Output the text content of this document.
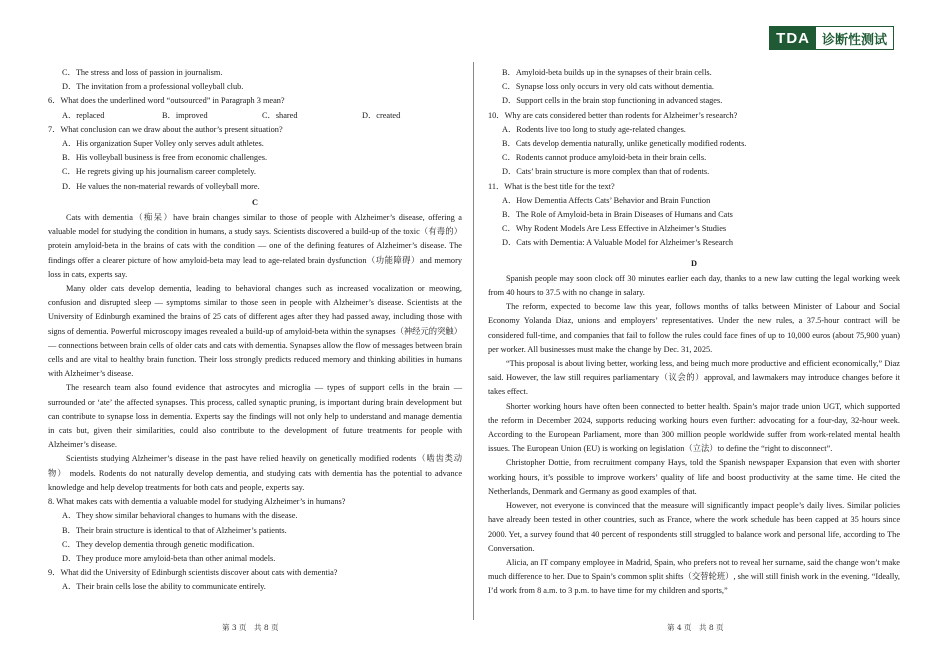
TDA 诊断性测试
C．The stress and loss of passion in journalism.
D．The invitation from a professional volleyball club.
6．What does the underlined word “outsourced” in Paragraph 3 mean?
A．replaced	B．improved	C．shared	D．created
7．What conclusion can we draw about the author’s present situation?
A．His organization Super Volley only serves adult athletes.
B．His volleyball business is free from economic challenges.
C．He regrets giving up his journalism career completely.
D．He values the non-material rewards of volleyball more.
C

Cats with dementia（痴呆）have brain changes similar to those of people with Alzheimer’s disease, offering a valuable model for studying the condition in humans, a study says. Scientists discovered a build-up of the toxic（有毒的）protein amyloid-beta in the brains of cats with the condition — one of the defining features of Alzheimer’s disease. The findings offer a clearer picture of how amyloid-beta may lead to age-related brain dysfunction（功能障碍）and memory loss in cats, experts say.

Many older cats develop dementia, leading to behavioral changes such as increased vocalization or meowing, confusion and disrupted sleep — symptoms similar to those seen in people with Alzheimer’s disease. Scientists at the University of Edinburgh examined the brains of 25 cats of different ages after they had passed away, including those with signs of dementia. Powerful microscopy images revealed a build-up of amyloid-beta within the synapses（神经元的突触）— connections between brain cells of older cats and cats with dementia. Synapses allow the flow of messages between brain cells and are vital to healthy brain function. Their loss strongly predicts reduced memory and thinking abilities in humans with Alzheimer’s disease.

The research team also found evidence that astrocytes and microglia — types of support cells in the brain — surrounded or ‘ate’ the affected synapses. This process, called synaptic pruning, is important during brain development but can contribute to synapse loss in dementia. Experts say the findings will not only help to understand and manage dementia in cats but, given their similarities, could also contribute to the development of future treatments for people with Alzheimer’s disease.

Scientists studying Alzheimer’s disease in the past have relied heavily on genetically modified rodents（啮齿类动物） models. Rodents do not naturally develop dementia, and studying cats with dementia has the potential to advance knowledge and help develop treatments for both cats and people, experts say.

8. What makes cats with dementia a valuable model for studying Alzheimer’s in humans?
A．They show similar behavioral changes to humans with the disease.
B．Their brain structure is identical to that of Alzheimer’s patients.
C．They develop dementia through genetic modification.
D．They produce more amyloid-beta than other animal models.
9．What did the University of Edinburgh scientists discover about cats with dementia?
A．Their brain cells lose the ability to communicate entirely.
B．Amyloid-beta builds up in the synapses of their brain cells.
C．Synapse loss only occurs in very old cats without dementia.
D．Support cells in the brain stop functioning in advanced stages.
10．Why are cats considered better than rodents for Alzheimer’s research?
A．Rodents live too long to study age-related changes.
B．Cats develop dementia naturally, unlike genetically modified rodents.
C．Rodents cannot produce amyloid-beta in their brain cells.
D．Cats’ brain structure is more complex than that of rodents.
11．What is the best title for the text?
A．How Dementia Affects Cats’ Behavior and Brain Function
B．The Role of Amyloid-beta in Brain Diseases of Humans and Cats
C．Why Rodent Models Are Less Effective in Alzheimer’s Studies
D．Cats with Dementia: A Valuable Model for Alzheimer’s Research
D

Spanish people may soon clock off 30 minutes earlier each day, thanks to a new law cutting the legal working week from 40 hours to 37.5 with no change in salary.

The reform, expected to become law this year, follows months of talks between Minister of Labour and Social Economy Yolanda Diaz, unions and employers’ representatives. Under the new rules, a 37.5-hour contract will be considered full-time, and companies that fail to follow the rules could face fines of up to 10,000 euros (about 75,900 yuan) per worker. All businesses must make the change by Dec. 31, 2025.

“This proposal is about living better, working less, and being much more productive and efficient economically,” Diaz said. However, the law still requires parliamentary（议会的）approval, and lawmakers may introduce changes before it takes effect.

Shorter working hours have often been connected to better health. Spain’s major trade union UGT, which supported the reform in December 2024, supports reducing working hours even further: advocating for a four-day, 32-hour week. According to the European Parliament, more than 300 million people worldwide suffer from work-related mental health issues. The European Union (EU) is working on legislation（立法）to define the “right to disconnect”.

Christopher Dottie, from recruitment company Hays, told the Spanish newspaper Expansion that even with shorter working hours, it’s possible to improve workers’ quality of life and boost productivity at the same time. He cited the Netherlands, Denmark and Germany as good examples of that.

However, not everyone is convinced that the measure will significantly impact people’s daily lives. Similar policies have already been tested in other countries, such as France, where the work schedule has been capped at 35 hours since 2000. Yet, a survey found that 40 percent of respondents still struggled to balance work and personal life, according to The Conversation.

Alicia, an IT company employee in Madrid, Spain, who prefers not to reveal her surname, said the change won’t make much difference to her. Due to Spain’s common split shifts（交替轮班）, she will still finish work in the evening. “Ideally, I’d work from 8 a.m. to 3 p.m. to have time for my children and sports,”

第 3 页　共 8 页	第 4 页　共 8 页
